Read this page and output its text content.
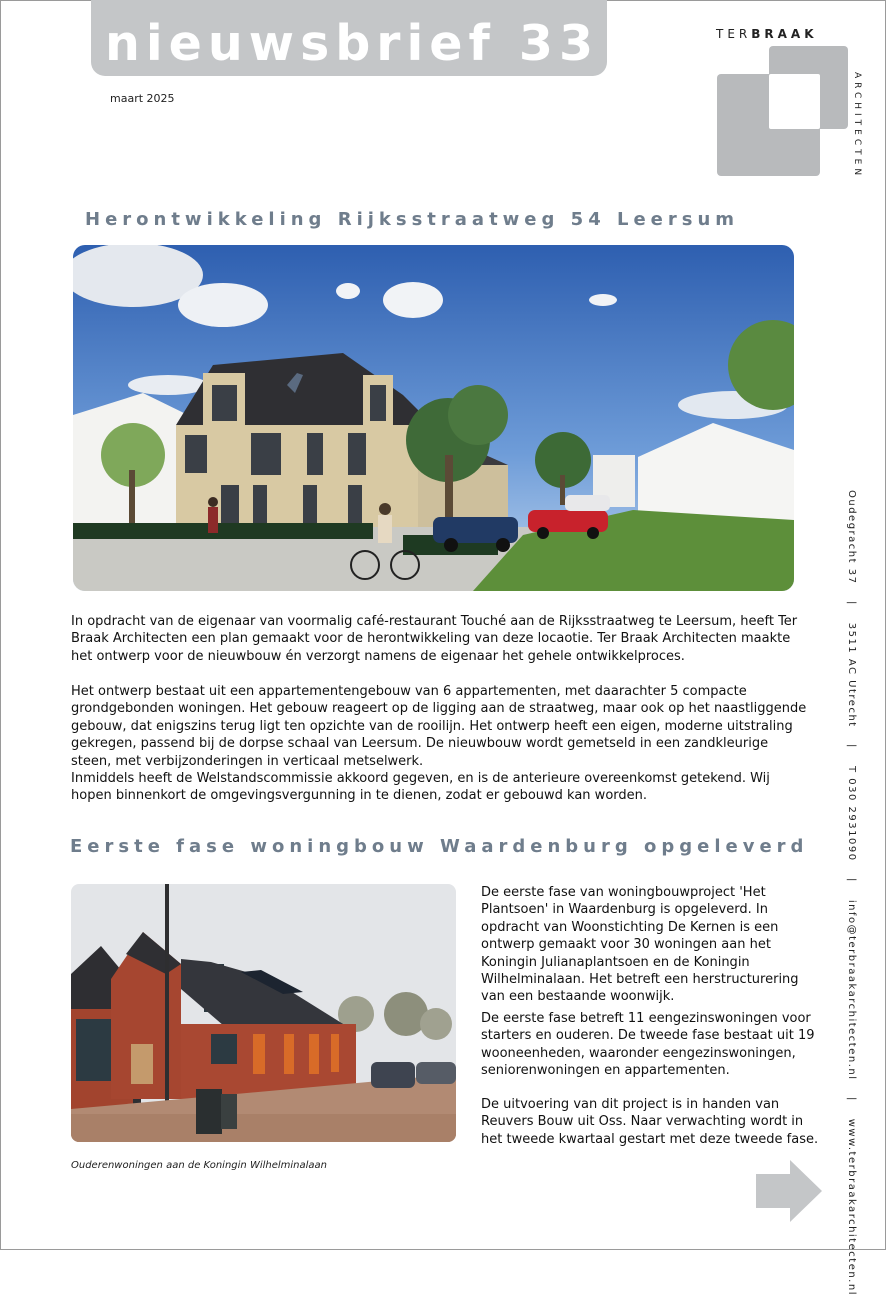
nieuwsbrief 33
maart 2025
TERBRAAK
ARCHITECTEN
Oudegracht 37 | 3511 AC Utrecht | T 030 2931090 | info@terbraakarchitecten.nl | www.terbraakarchitecten.nl
Herontwikkeling Rijksstraatweg 54 Leersum

In opdracht van de eigenaar van voormalig café-restaurant Touché aan de Rijksstraatweg te Leersum, heeft Ter Braak Architecten een plan gemaakt voor de herontwikkeling van deze locaotie. Ter Braak Architecten maakte het ontwerp voor de nieuwbouw én verzorgt namens de eigenaar het gehele ontwikkelproces.

Het ontwerp bestaat uit een appartementengebouw van 6 appartementen, met daarachter 5 compacte grondgebonden woningen. Het gebouw reageert op de ligging aan de straatweg, maar ook op het naastliggende gebouw, dat enigszins terug ligt ten opzichte van de rooilijn. Het ontwerp heeft een eigen, moderne uitstraling gekregen, passend bij de dorpse schaal van Leersum. De nieuwbouw wordt gemetseld in een zandkleurige steen, met verbijzonderingen in verticaal metselwerk.

Inmiddels heeft de Welstandscommissie akkoord gegeven, en is de anterieure overeenkomst getekend. Wij hopen binnenkort de omgevingsvergunning in te dienen, zodat er gebouwd kan worden.

Eerste fase woningbouw Waardenburg opgeleverd
Ouderenwoningen aan de Koningin Wilhelminalaan

De eerste fase van woningbouwproject 'Het Plantsoen' in Waardenburg is opgeleverd. In opdracht van Woonstichting De Kernen is een ontwerp gemaakt voor 30 woningen aan het Koningin Julianaplantsoen en de Koningin Wilhelminalaan. Het betreft een herstructurering van een bestaande woonwijk.

De eerste fase betreft 11 eengezinswoningen voor starters en ouderen. De tweede fase bestaat uit 19 wooneenheden, waaronder eengezinswoningen, seniorenwoningen en appartementen.

De uitvoering van dit project is in handen van Reuvers Bouw uit Oss. Naar verwachting wordt in het tweede kwartaal gestart met deze tweede fase.
